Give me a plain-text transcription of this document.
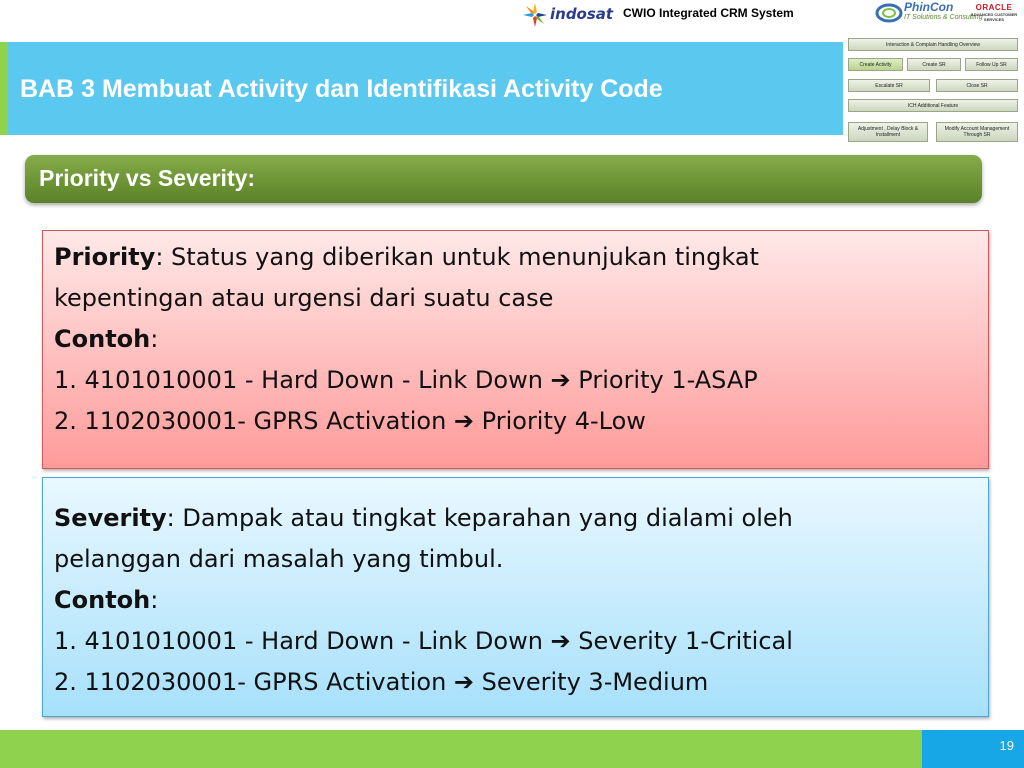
indosat CWIO Integrated CRM System	PhinCon
IT Solutions & Consulting
ORACLE
ADVANCED CUSTOMER SERVICES
BAB 3 Membuat Activity dan Identifikasi Activity Code
Interaction & Complain Handling Overview
Create Activity	Create SR	Follow Up SR
Escalate SR	Close SR
ICH Additional Feature
Adjustment , Delay Block & Installment
Modify Account Management Through SR
Priority vs Severity:
Priority: Status yang diberikan untuk menunjukan tingkat
kepentingan atau urgensi dari suatu case
Contoh:
1. 4101010001 - Hard Down - Link Down ➔ Priority 1-ASAP
2. 1102030001- GPRS Activation ➔ Priority 4-Low
Severity: Dampak atau tingkat keparahan yang dialami oleh
pelanggan dari masalah yang timbul.
Contoh:
1. 4101010001 - Hard Down - Link Down ➔ Severity 1-Critical
2. 1102030001- GPRS Activation ➔ Severity 3-Medium
19
